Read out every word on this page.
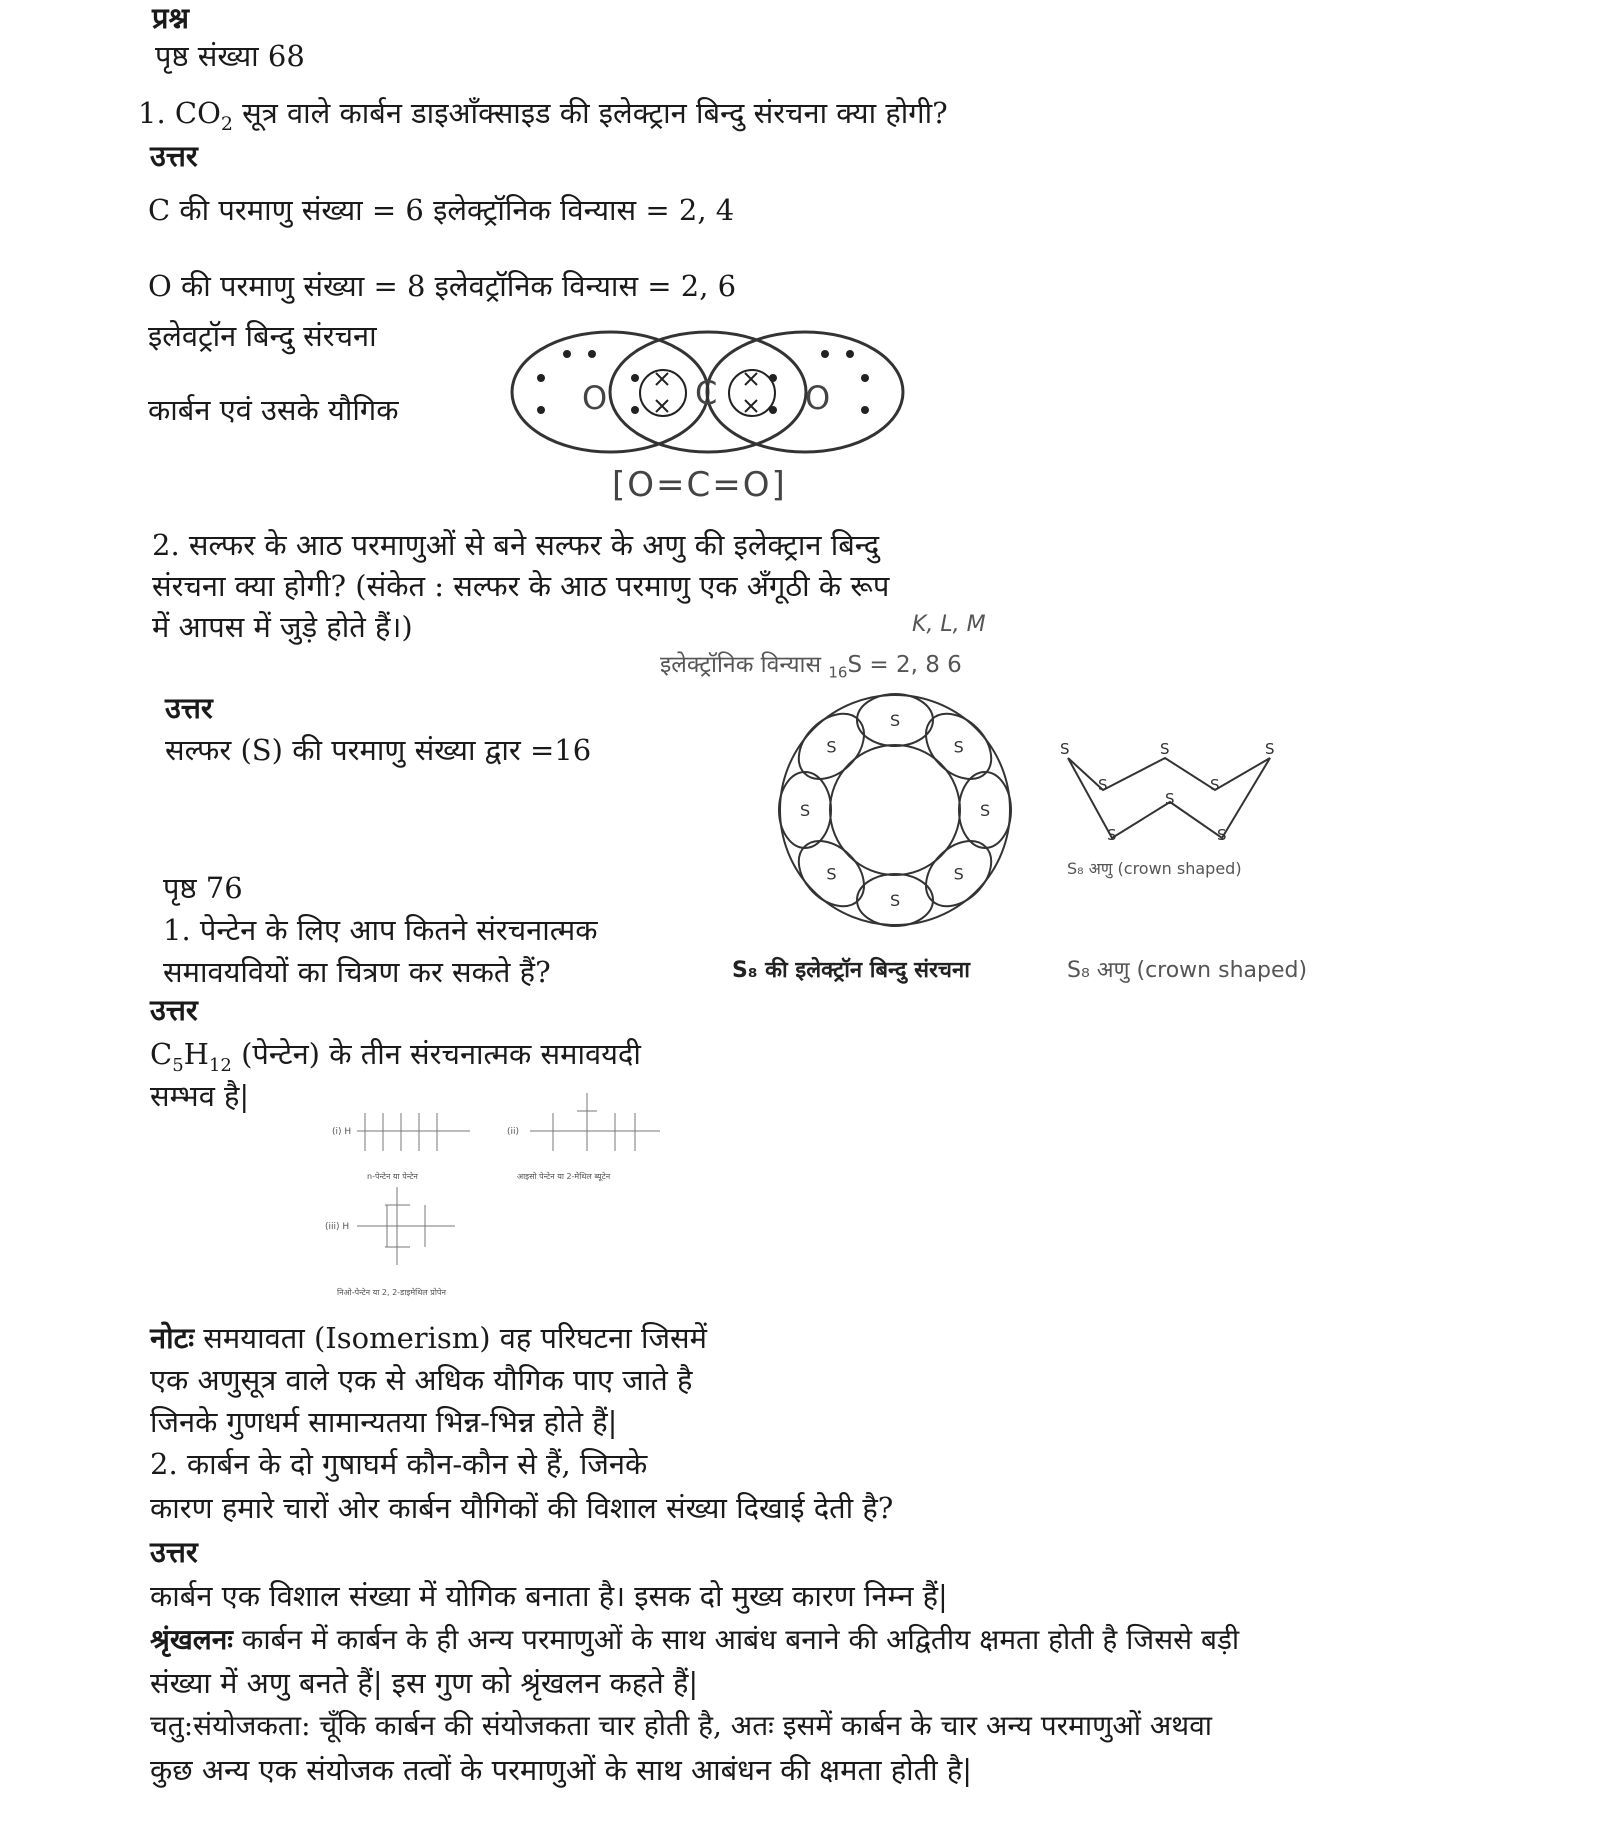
प्रश्न
पृष्ठ संख्या 68
1. $CO_2$ सूत्र वाले कार्बन डाइऑंक्साइड की इलेक्ट्रान बिन्दु संरचना क्या होगी?
उत्तर
C की परमाणु संख्या = 6 इलेक्ट्रॉनिक विन्यास = 2, 4
O की परमाणु संख्या = 8 इलेवट्रॉनिक विन्यास = 2, 6
इलेवट्रॉन बिन्दु संरचना
कार्बन एवं उसके यौगिक	O	C	O
[O=C=O]
2. सल्फर के आठ परमाणुओं से बने सल्फर के अणु की इलेक्ट्रान बिन्दु
संरचना क्या होगी? (संकेत : सल्फर के आठ परमाणु एक अँगूठी के रूप
में आपस में जुड़े होते हैं।)	K, L, M
इलेक्ट्रॉनिक विन्यास $_{16}$S = 2, 8 6
उत्तर
सल्फर (S) की परमाणु संख्या द्वार =16
S
S
S
S
S
S
S
S	S
S
S
S
S
S
S
S
S₈ अणु (crown shaped)
S₈ की इलेक्ट्रॉन बिन्दु संरचना	S₈ अणु (crown shaped)
पृष्ठ 76
1. पेन्टेन के लिए आप कितने संरचनात्मक
समावयवियों का चित्रण कर सकते हैं?
उत्तर
$C_5H_{12}$ (पेन्टेन) के तीन संरचनात्मक समावयदी
सम्भव है|
(i) H
n-पेन्टेन या पेन्टेन
(ii)
आइसो पेन्टेन या 2-मेथिल ब्यूटेन
(iii) H
निओ-पेन्टेन या 2, 2-डाइमेथिल प्रोपेन
नोटः समयावता (Isomerism) वह परिघटना जिसमें
एक अणुसूत्र वाले एक से अधिक यौगिक पाए जाते है
जिनके गुणधर्म सामान्यतया भिन्न-भिन्न होते हैं|
2. कार्बन के दो गुषाघर्म कौन-कौन से हैं, जिनके
कारण हमारे चारों ओर कार्बन यौगिकों की विशाल संख्या दिखाई देती है?
उत्तर
कार्बन एक विशाल संख्या में योगिक बनाता है। इसक दो मुख्य कारण निम्न हैं|
श्रृंखलनः कार्बन में कार्बन के ही अन्य परमाणुओं के साथ आबंध बनाने की अद्वितीय क्षमता होती है जिससे बड़ी
संख्या में अणु बनते हैं| इस गुण को श्रृंखलन कहते हैं|
चतु:संयोजकता: चूँकि कार्बन की संयोजकता चार होती है, अतः इसमें कार्बन के चार अन्य परमाणुओं अथवा
कुछ अन्य एक संयोजक तत्वों के परमाणुओं के साथ आबंधन की क्षमता होती है|
